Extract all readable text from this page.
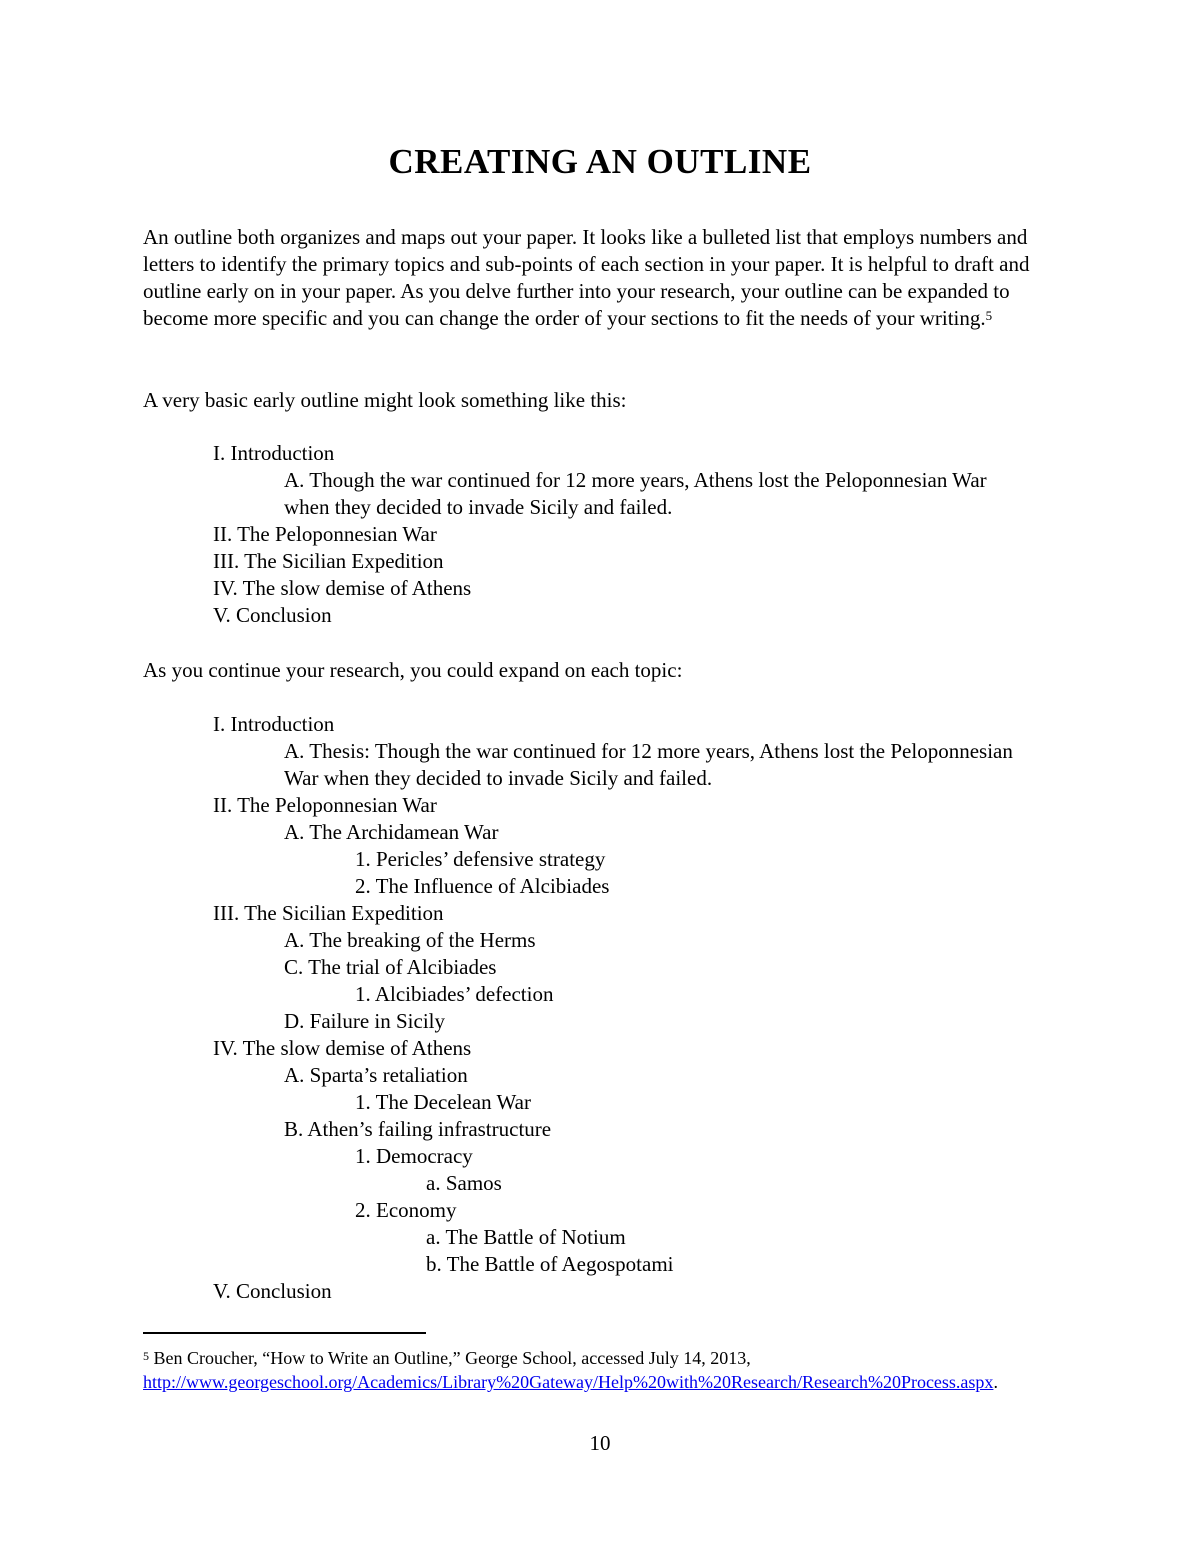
CREATING AN OUTLINE

An outline both organizes and maps out your paper. It looks like a bulleted list that employs numbers and letters to identify the primary topics and sub-points of each section in your paper. It is helpful to draft and outline early on in your paper. As you delve further into your research, your outline can be expanded to become more specific and you can change the order of your sections to fit the needs of your writing.$^5$

A very basic early outline might look something like this:

I. Introduction
A. Though the war continued for 12 more years, Athens lost the Peloponnesian War when they decided to invade Sicily and failed.
II. The Peloponnesian War
III. The Sicilian Expedition
IV. The slow demise of Athens
V. Conclusion

As you continue your research, you could expand on each topic:

I. Introduction
A. Thesis: Though the war continued for 12 more years, Athens lost the Peloponnesian War when they decided to invade Sicily and failed.
II. The Peloponnesian War
A. The Archidamean War
1. Pericles’ defensive strategy
2. The Influence of Alcibiades
III. The Sicilian Expedition
A. The breaking of the Herms
C. The trial of Alcibiades
1. Alcibiades’ defection
D. Failure in Sicily
IV. The slow demise of Athens
A. Sparta’s retaliation
1. The Decelean War
B. Athen’s failing infrastructure
1. Democracy
a. Samos
2. Economy
a. The Battle of Notium
b. The Battle of Aegospotami
V. Conclusion
$^5$ Ben Croucher, “How to Write an Outline,” George School, accessed July 14, 2013,
http://www.georgeschool.org/Academics/Library%20Gateway/Help%20with%20Research/Research%20Process.aspx.
10
